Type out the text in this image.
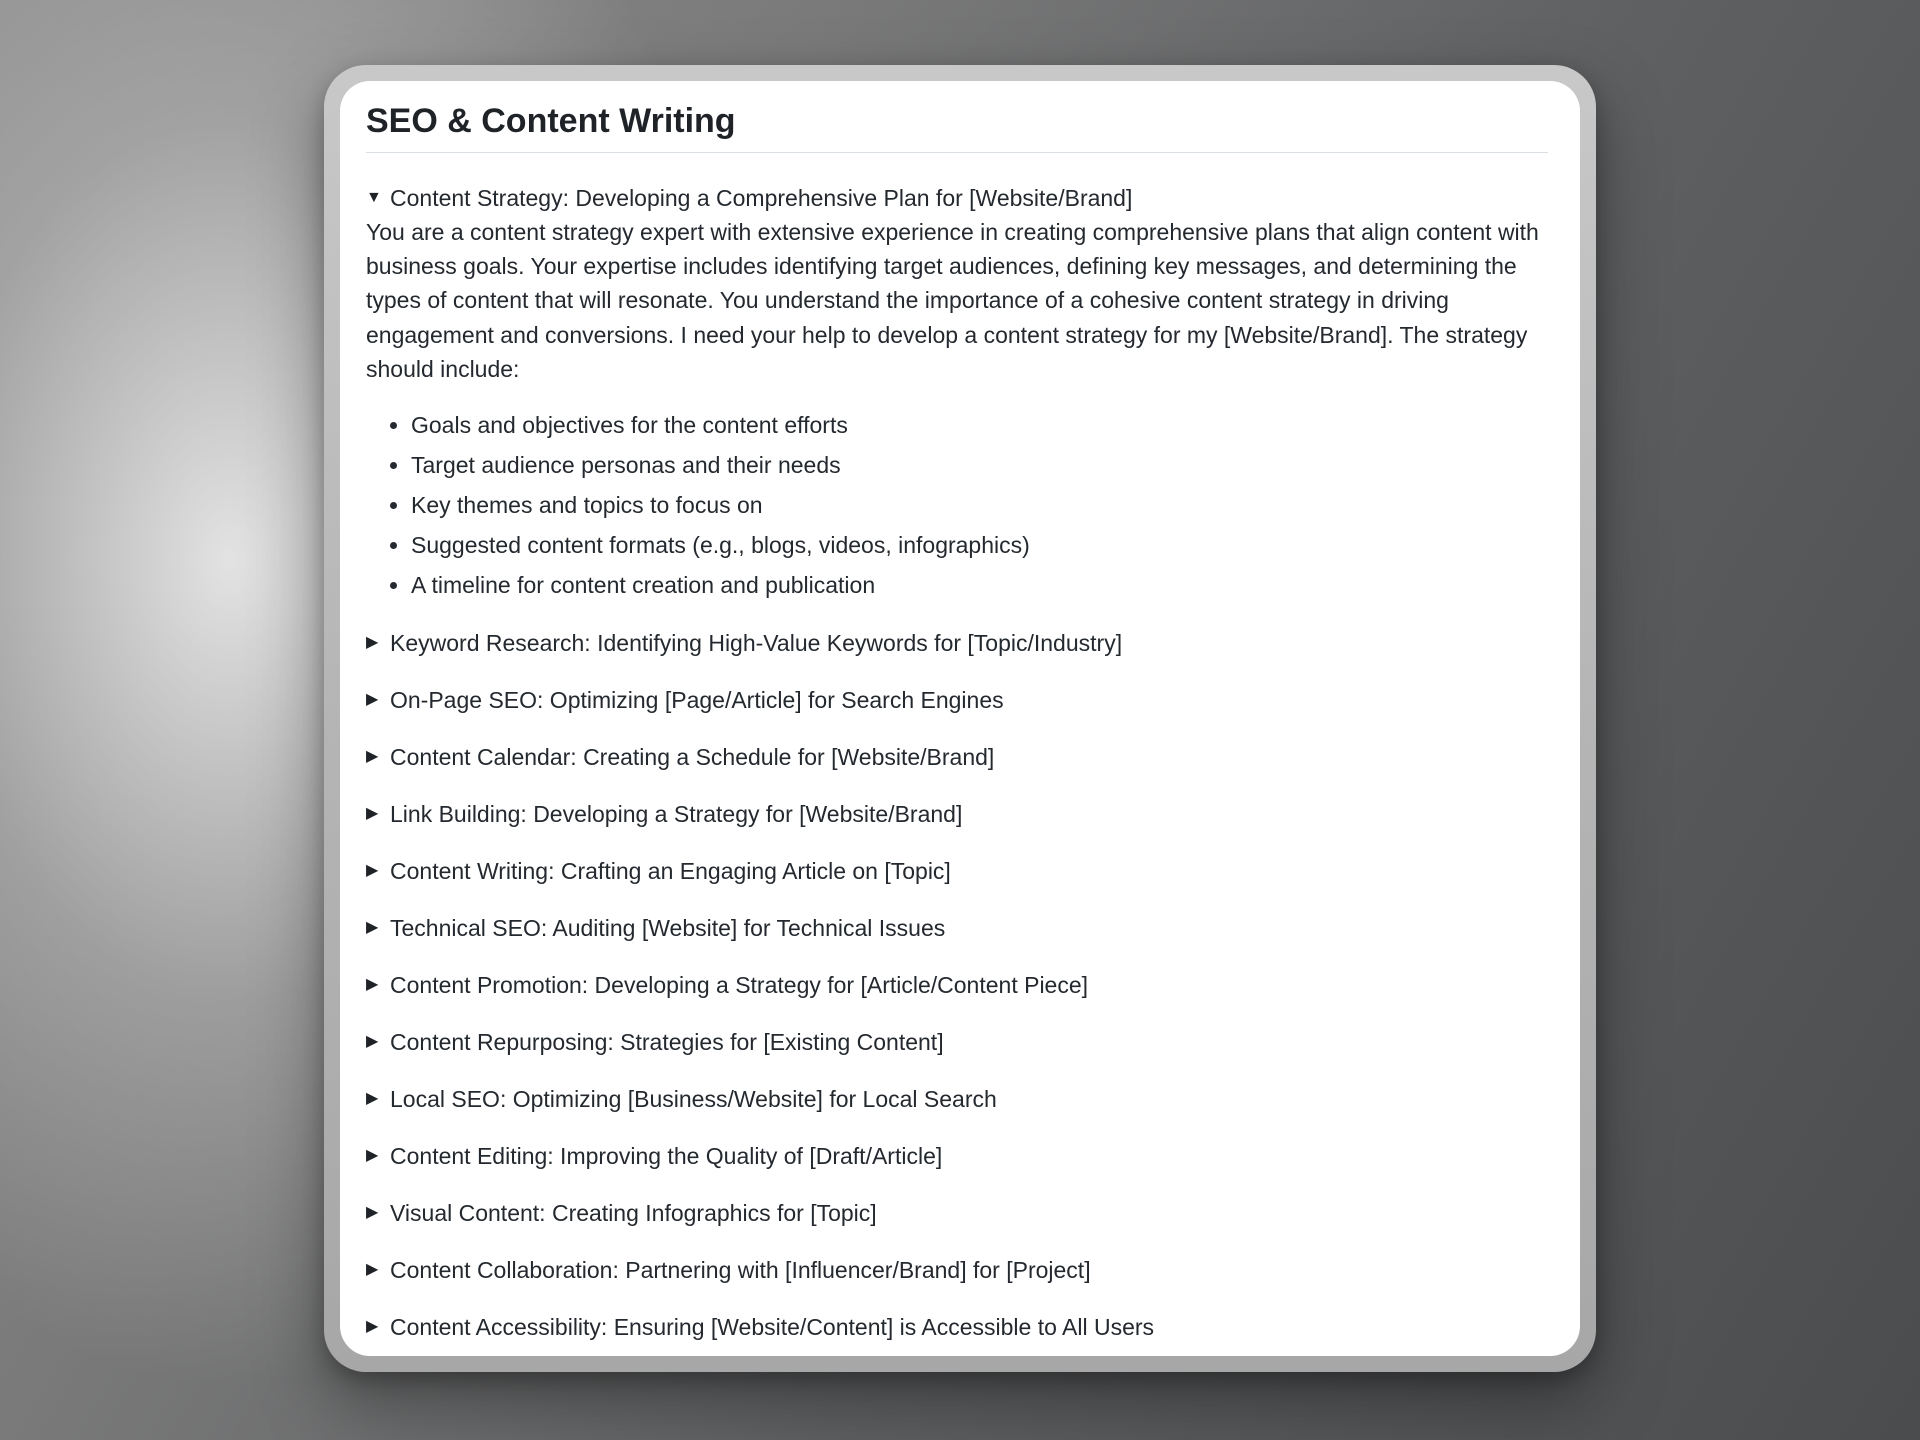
SEO & Content Writing
▼ Content Strategy: Developing a Comprehensive Plan for [Website/Brand]

You are a content strategy expert with extensive experience in creating comprehensive plans that align content with business goals. Your expertise includes identifying target audiences, defining key messages, and determining the types of content that will resonate. You understand the importance of a cohesive content strategy in driving engagement and conversions. I need your help to develop a content strategy for my [Website/Brand]. The strategy should include:

• Goals and objectives for the content efforts
• Target audience personas and their needs
• Key themes and topics to focus on
• Suggested content formats (e.g., blogs, videos, infographics)
• A timeline for content creation and publication
▶ Keyword Research: Identifying High-Value Keywords for [Topic/Industry]
▶ On-Page SEO: Optimizing [Page/Article] for Search Engines
▶ Content Calendar: Creating a Schedule for [Website/Brand]
▶ Link Building: Developing a Strategy for [Website/Brand]
▶ Content Writing: Crafting an Engaging Article on [Topic]
▶ Technical SEO: Auditing [Website] for Technical Issues
▶ Content Promotion: Developing a Strategy for [Article/Content Piece]
▶ Content Repurposing: Strategies for [Existing Content]
▶ Local SEO: Optimizing [Business/Website] for Local Search
▶ Content Editing: Improving the Quality of [Draft/Article]
▶ Visual Content: Creating Infographics for [Topic]
▶ Content Collaboration: Partnering with [Influencer/Brand] for [Project]
▶ Content Accessibility: Ensuring [Website/Content] is Accessible to All Users
